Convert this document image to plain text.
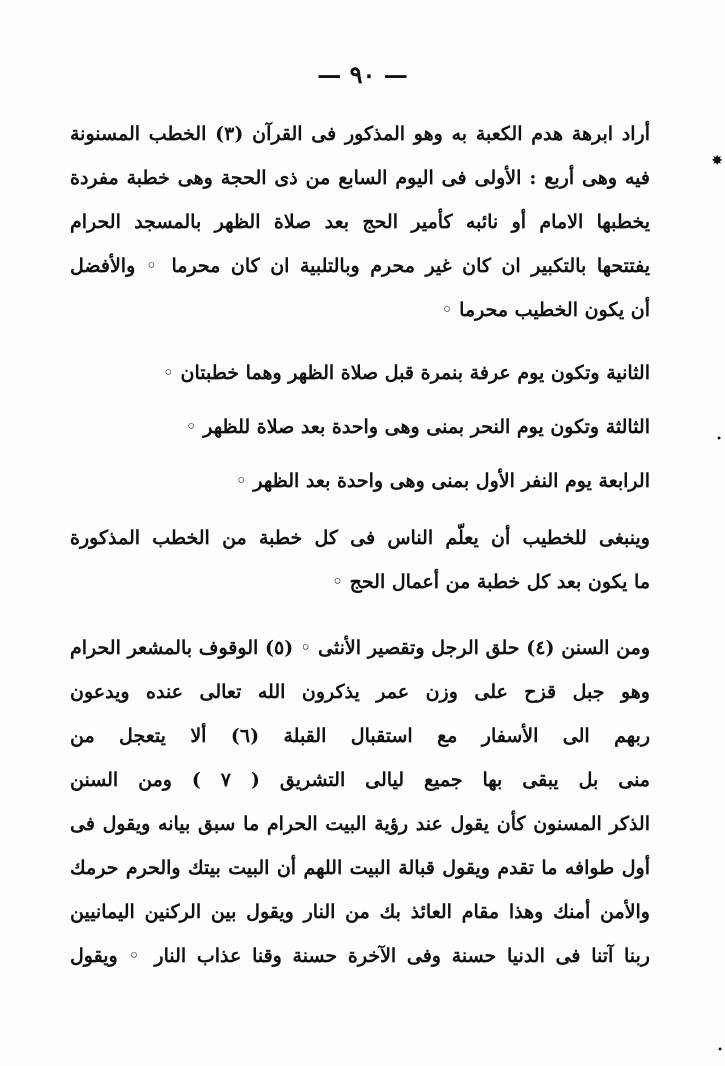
— ٩٠ —
أراد ابرهة هدم الكعبة به وهو المذكور فى القرآن (٣) الخطب المسنونة
فيه وهى أربع : الأولى فى اليوم السابع من ذى الحجة وهى خطبة مفردة
يخطبها الامام أو نائبه كأمير الحج بعد صلاة الظهر بالمسجد الحرام
يفتتحها بالتكبير ان كان غير محرم وبالتلبية ان كان محرما ◦ والأفضل
أن يكون الخطيب محرما ◦
الثانية وتكون يوم عرفة بنمرة قبل صلاة الظهر وهما خطبتان ◦
الثالثة وتكون يوم النحر بمنى وهى واحدة بعد صلاة للظهر ◦
الرابعة يوم النفر الأول بمنى وهى واحدة بعد الظهر ◦
وينبغى للخطيب أن يعلّم الناس فى كل خطبة من الخطب المذكورة
ما يكون بعد كل خطبة من أعمال الحج ◦
ومن السنن (٤) حلق الرجل وتقصير الأنثى ◦ (٥) الوقوف بالمشعر الحرام
وهو جبل قزح على وزن عمر يذكرون الله تعالى عنده ويدعون
ربهم الى الأسفار مع استقبال القبلة (٦) ألا يتعجل من
منى بل يبقى بها جميع ليالى التشريق ( ٧ ) ومن السنن
الذكر المسنون كأن يقول عند رؤية البيت الحرام ما سبق بيانه ويقول فى
أول طوافه ما تقدم ويقول قبالة البيت اللهم أن البيت بيتك والحرم حرمك
والأمن أمنك وهذا مقام العائذ بك من النار ويقول بين الركنين اليمانيين
ربنا آتنا فى الدنيا حسنة وفى الآخرة حسنة وقنا عذاب النار ◦ ويقول
✸
•
•
